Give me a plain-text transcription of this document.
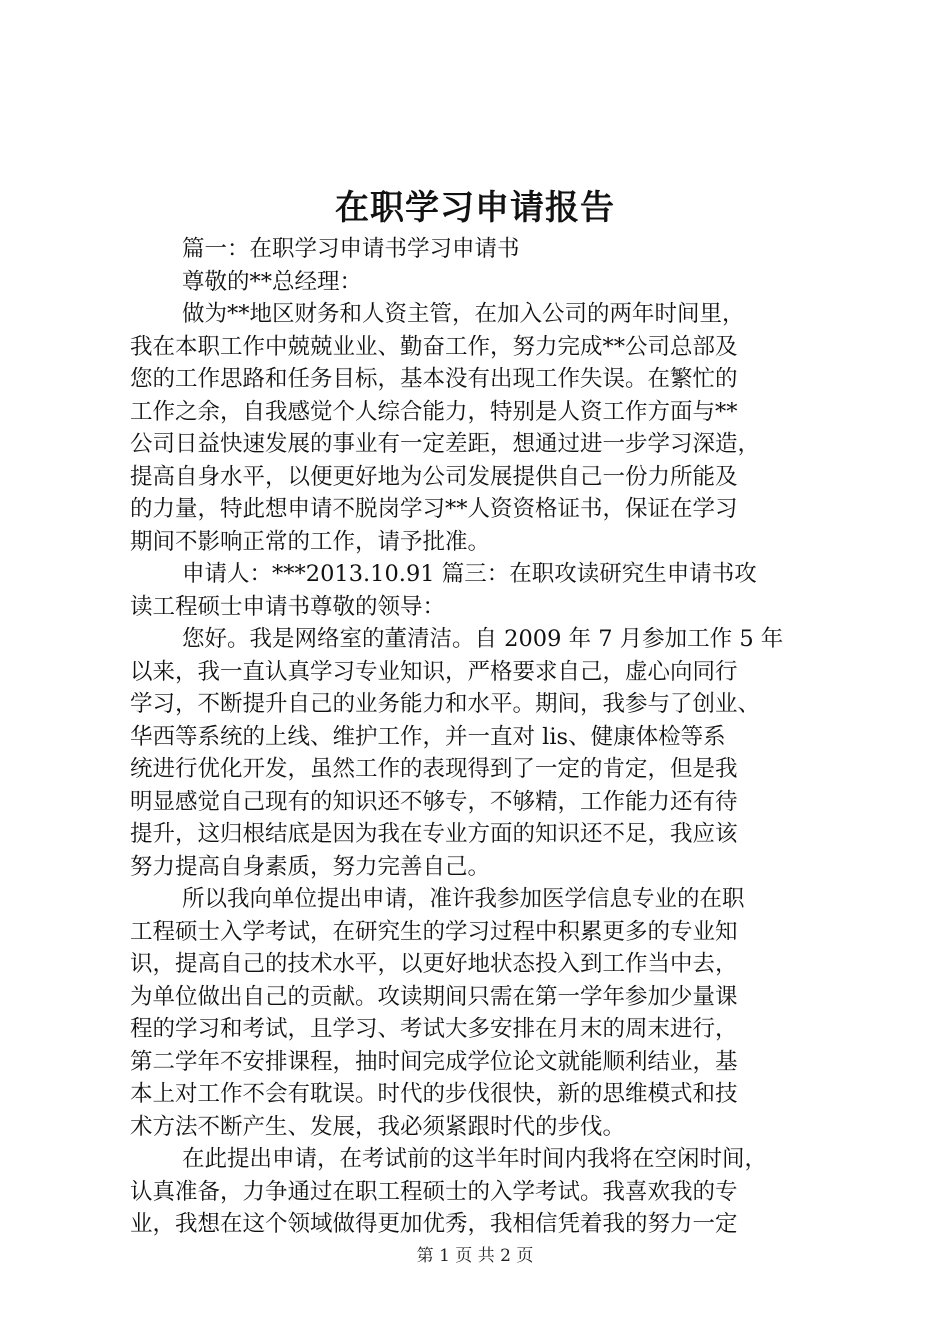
在职学习申请报告
篇一：在职学习申请书学习申请书
尊敬的**总经理：
做为**地区财务和人资主管，在加入公司的两年时间里，
我在本职工作中兢兢业业、勤奋工作，努力完成**公司总部及
您的工作思路和任务目标，基本没有出现工作失误。在繁忙的
工作之余，自我感觉个人综合能力，特别是人资工作方面与**
公司日益快速发展的事业有一定差距，想通过进一步学习深造，
提高自身水平，以便更好地为公司发展提供自己一份力所能及
的力量，特此想申请不脱岗学习**人资资格证书，保证在学习
期间不影响正常的工作，请予批准。
申请人：***2013.10.91 篇三：在职攻读研究生申请书攻
读工程硕士申请书尊敬的领导：
您好。我是网络室的董清洁。自 2009 年 7 月参加工作 5 年
以来，我一直认真学习专业知识，严格要求自己，虚心向同行
学习，不断提升自己的业务能力和水平。期间，我参与了创业、
华西等系统的上线、维护工作，并一直对 lis、健康体检等系
统进行优化开发，虽然工作的表现得到了一定的肯定，但是我
明显感觉自己现有的知识还不够专，不够精，工作能力还有待
提升，这归根结底是因为我在专业方面的知识还不足，我应该
努力提高自身素质，努力完善自己。
所以我向单位提出申请，准许我参加医学信息专业的在职
工程硕士入学考试，在研究生的学习过程中积累更多的专业知
识，提高自己的技术水平，以更好地状态投入到工作当中去，
为单位做出自己的贡献。攻读期间只需在第一学年参加少量课
程的学习和考试，且学习、考试大多安排在月末的周末进行，
第二学年不安排课程，抽时间完成学位论文就能顺利结业，基
本上对工作不会有耽误。时代的步伐很快，新的思维模式和技
术方法不断产生、发展，我必须紧跟时代的步伐。
在此提出申请，在考试前的这半年时间内我将在空闲时间，
认真准备，力争通过在职工程硕士的入学考试。我喜欢我的专
业，我想在这个领域做得更加优秀，我相信凭着我的努力一定
第 1 页 共 2 页
